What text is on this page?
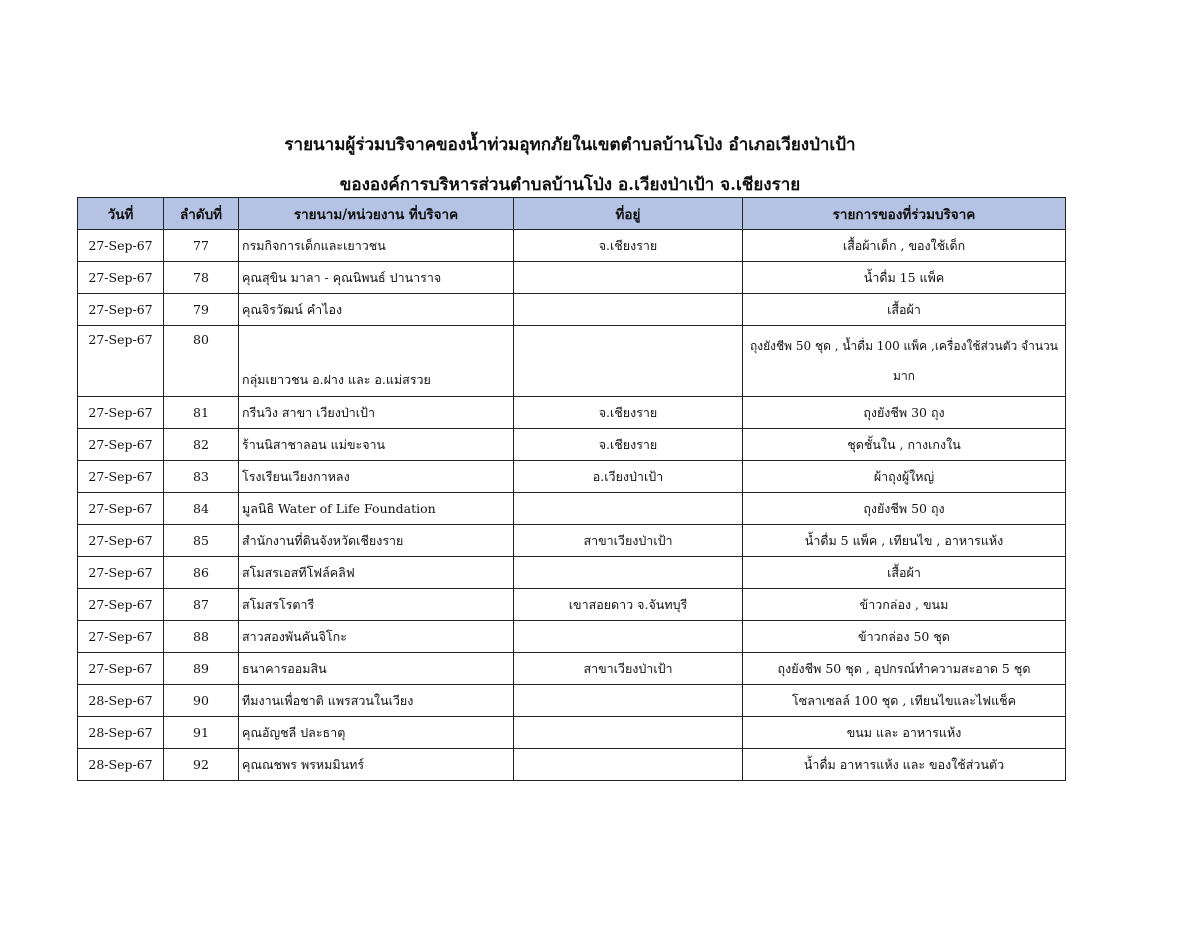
รายนามผู้ร่วมบริจาคของน้ำท่วมอุทกภัยในเขตตำบลบ้านโป่ง อำเภอเวียงป่าเป้า
ขององค์การบริหารส่วนตำบลบ้านโป่ง อ.เวียงป่าเป้า จ.เชียงราย
วันที่	ลำดับที่	รายนาม/หน่วยงาน ที่บริจาค	ที่อยู่	รายการของที่ร่วมบริจาค
27-Sep-67	77	กรมกิจการเด็กและเยาวชน	จ.เชียงราย	เสื้อผ้าเด็ก , ของใช้เด็ก
27-Sep-67	78	คุณสุขิน มาลา - คุณนิพนธ์ ปานาราจ		น้ำดื่ม 15 แพ็ค
27-Sep-67	79	คุณจิรวัฒน์ คำไอง		เสื้อผ้า
27-Sep-67	80	กลุ่มเยาวชน อ.ฝาง และ อ.แม่สรวย		ถุงยังชีพ 50 ชุด , น้ำดื่ม 100 แพ็ค ,เครื่องใช้ส่วนตัว จำนวนมาก
27-Sep-67	81	กรีนวิง สาขา เวียงป่าเป้า	จ.เชียงราย	ถุงยังชีพ 30 ถุง
27-Sep-67	82	ร้านนิสาชาลอน แม่ขะจาน	จ.เชียงราย	ชุดชั้นใน , กางเกงใน
27-Sep-67	83	โรงเรียนเวียงกาหลง	อ.เวียงป่าเป้า	ผ้าถุงผู้ใหญ่
27-Sep-67	84	มูลนิธิ Water of Life Foundation		ถุงยังชีพ 50 ถุง
27-Sep-67	85	สำนักงานที่ดินจังหวัดเชียงราย	สาขาเวียงป่าเป้า	น้ำดื่ม 5 แพ็ค , เทียนไข , อาหารแห้ง
27-Sep-67	86	สโมสรเอสทีโฟล์คลิฟ		เสื้อผ้า
27-Sep-67	87	สโมสรโรตารี	เขาสอยดาว จ.จันทบุรี	ข้าวกล่อง , ขนม
27-Sep-67	88	สาวสองพันคันจิโกะ		ข้าวกล่อง 50 ชุด
27-Sep-67	89	ธนาคารออมสิน	สาขาเวียงป่าเป้า	ถุงยังชีพ 50 ชุด , อุปกรณ์ทำความสะอาด 5 ชุด
28-Sep-67	90	ทีมงานเพื่อชาติ แพรสวนในเวียง		โซลาเซลล์ 100 ชุด , เทียนไขและไฟแช็ค
28-Sep-67	91	คุณอัญชลี ปละธาตุ		ขนม และ อาหารแห้ง
28-Sep-67	92	คุณณชพร พรหมมินทร์		น้ำดื่ม อาหารแห้ง และ ของใช้ส่วนตัว
